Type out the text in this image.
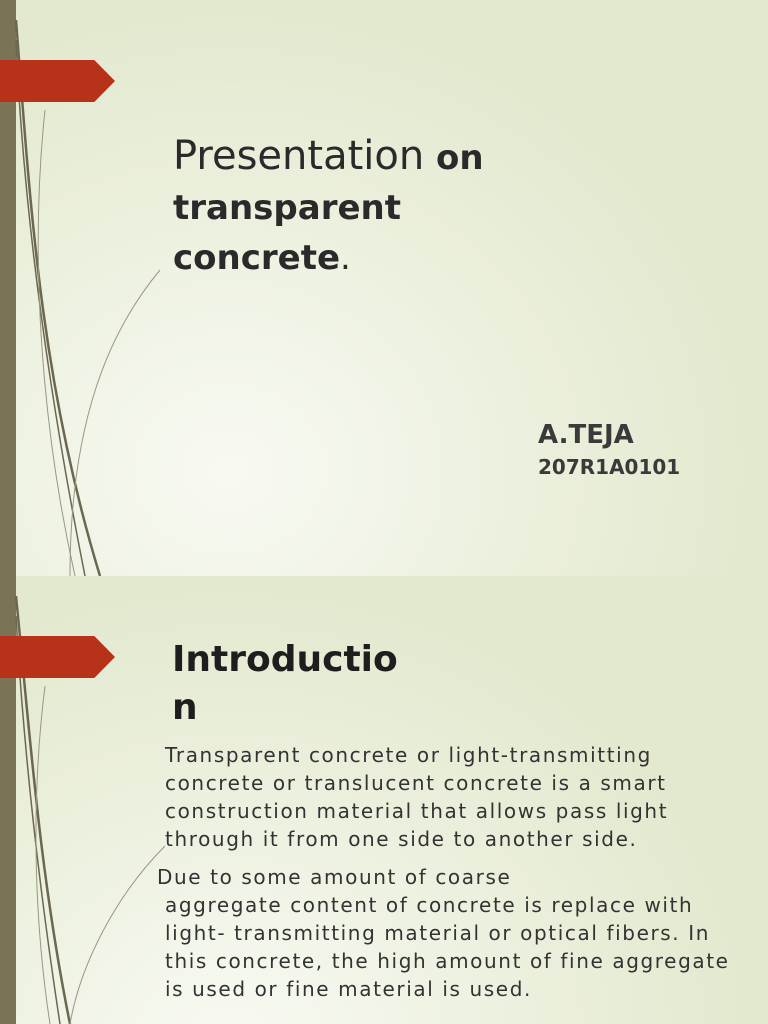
Presentation on
transparent
concrete.
A.TEJA
207R1A0101
Introductio n
Transparent concrete or light-transmitting
concrete or translucent concrete is a smart construction material that allows pass light through it from one side to another side.
Due to some amount of coarse
aggregate content of concrete is replace with light- transmitting material or optical fibers. In this concrete, the high amount of fine aggregate is used or fine material is used.
